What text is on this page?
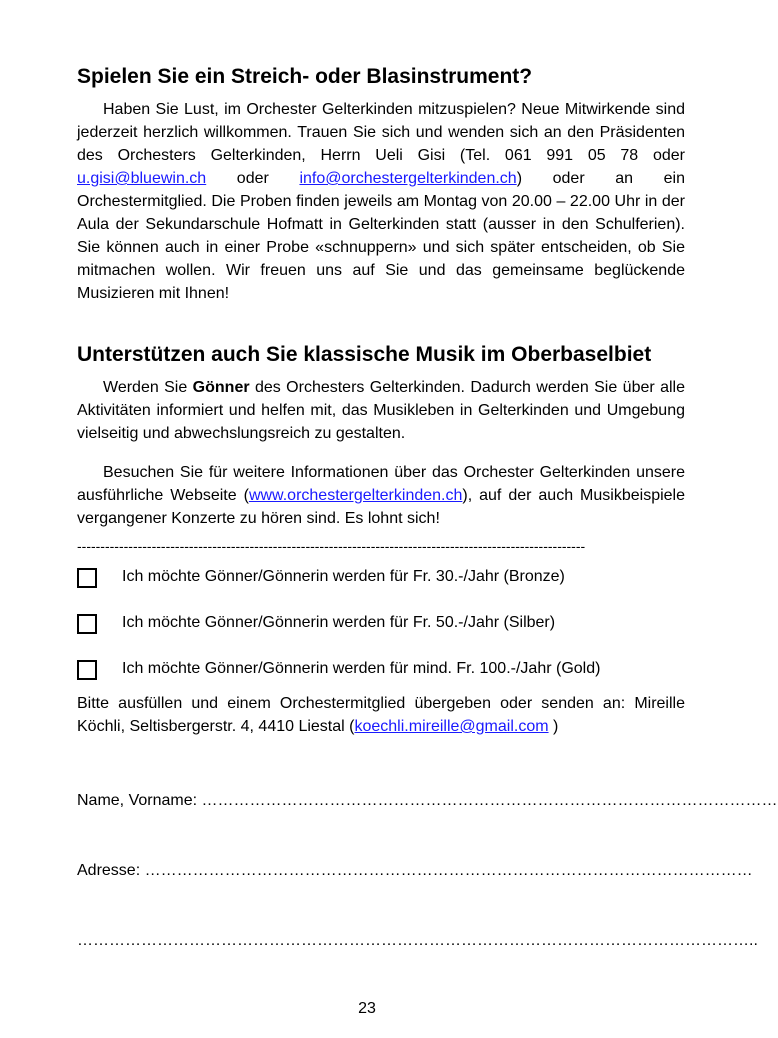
Spielen Sie ein Streich- oder Blasinstrument?

Haben Sie Lust, im Orchester Gelterkinden mitzuspielen? Neue Mitwirkende sind jederzeit herzlich willkommen. Trauen Sie sich und wenden sich an den Präsidenten des Orchesters Gelterkinden, Herrn Ueli Gisi (Tel. 061 991 05 78 oder u.gisi@bluewin.ch oder info@orchestergelterkinden.ch) oder an ein Orchestermitglied. Die Proben finden jeweils am Montag von 20.00 – 22.00 Uhr in der Aula der Sekundarschule Hofmatt in Gelterkinden statt (ausser in den Schulferien). Sie können auch in einer Probe «schnuppern» und sich später entscheiden, ob Sie mitmachen wollen. Wir freuen uns auf Sie und das gemeinsame beglückende Musizieren mit Ihnen!

Unterstützen auch Sie klassische Musik im Oberbaselbiet

Werden Sie Gönner des Orchesters Gelterkinden. Dadurch werden Sie über alle Aktivitäten informiert und helfen mit, das Musikleben in Gelterkinden und Umgebung vielseitig und abwechslungsreich zu gestalten.

Besuchen Sie für weitere Informationen über das Orchester Gelterkinden unsere ausführliche Webseite (www.orchestergelterkinden.ch), auf der auch Musikbeispiele vergangener Konzerte zu hören sind. Es lohnt sich!

-------------------------------------------------------------------------------------------------------------
Ich möchte Gönner/Gönnerin werden für Fr. 30.-/Jahr (Bronze)
Ich möchte Gönner/Gönnerin werden für Fr. 50.-/Jahr (Silber)
Ich möchte Gönner/Gönnerin werden für mind. Fr. 100.-/Jahr (Gold)

Bitte ausfüllen und einem Orchestermitglied übergeben oder senden an: Mireille Köchli, Seltisbergerstr. 4, 4410 Liestal (koechli.mireille@gmail.com )

Name, Vorname: ………………………………………………………………………………………………
Adresse: ……………………………………………………………………………………………………
………………………………………………………………………………………………………………..
23
